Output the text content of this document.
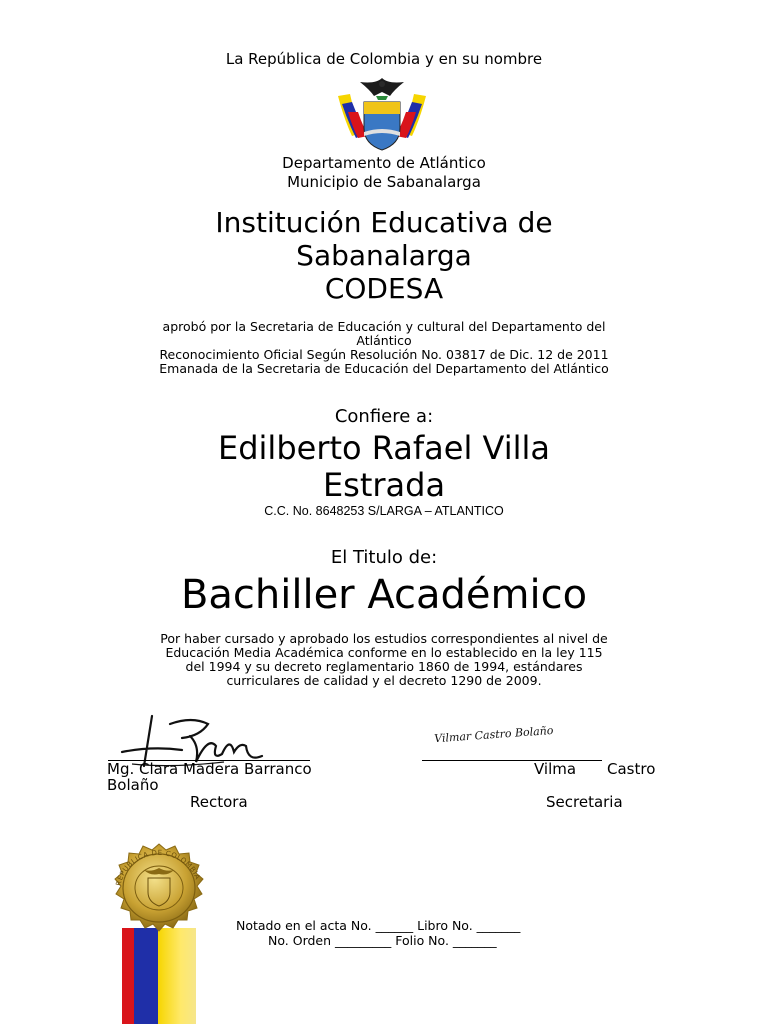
La República de Colombia y en su nombre
Departamento de Atlántico
Municipio de Sabanalarga
Institución Educativa de
Sabanalarga
CODESA
aprobó por la Secretaria de Educación y cultural del Departamento del
Atlántico
Reconocimiento Oficial Según Resolución No. 03817 de Dic. 12 de 2011
Emanada de la Secretaria de Educación del Departamento del Atlántico
Confiere a:
Edilberto Rafael Villa
Estrada
C.C. No. 8648253 S/LARGA – ATLANTICO
El Titulo de:
Bachiller Académico
Por haber cursado y aprobado los estudios correspondientes al nivel de
Educación Media Académica conforme en lo establecido en la ley 115
del 1994 y su decreto reglamentario 1860 de 1994, estándares
curriculares de calidad y el decreto 1290 de 2009.
Vilmar Castro Bolaño
Mg. Clara Madera Barranco
Bolaño
Rectora
Vilma Castro
Secretaria
REPUBLICA DE COLOMBIA
Notado en el acta No. ______ Libro No. _______
No. Orden _________ Folio No. _______
